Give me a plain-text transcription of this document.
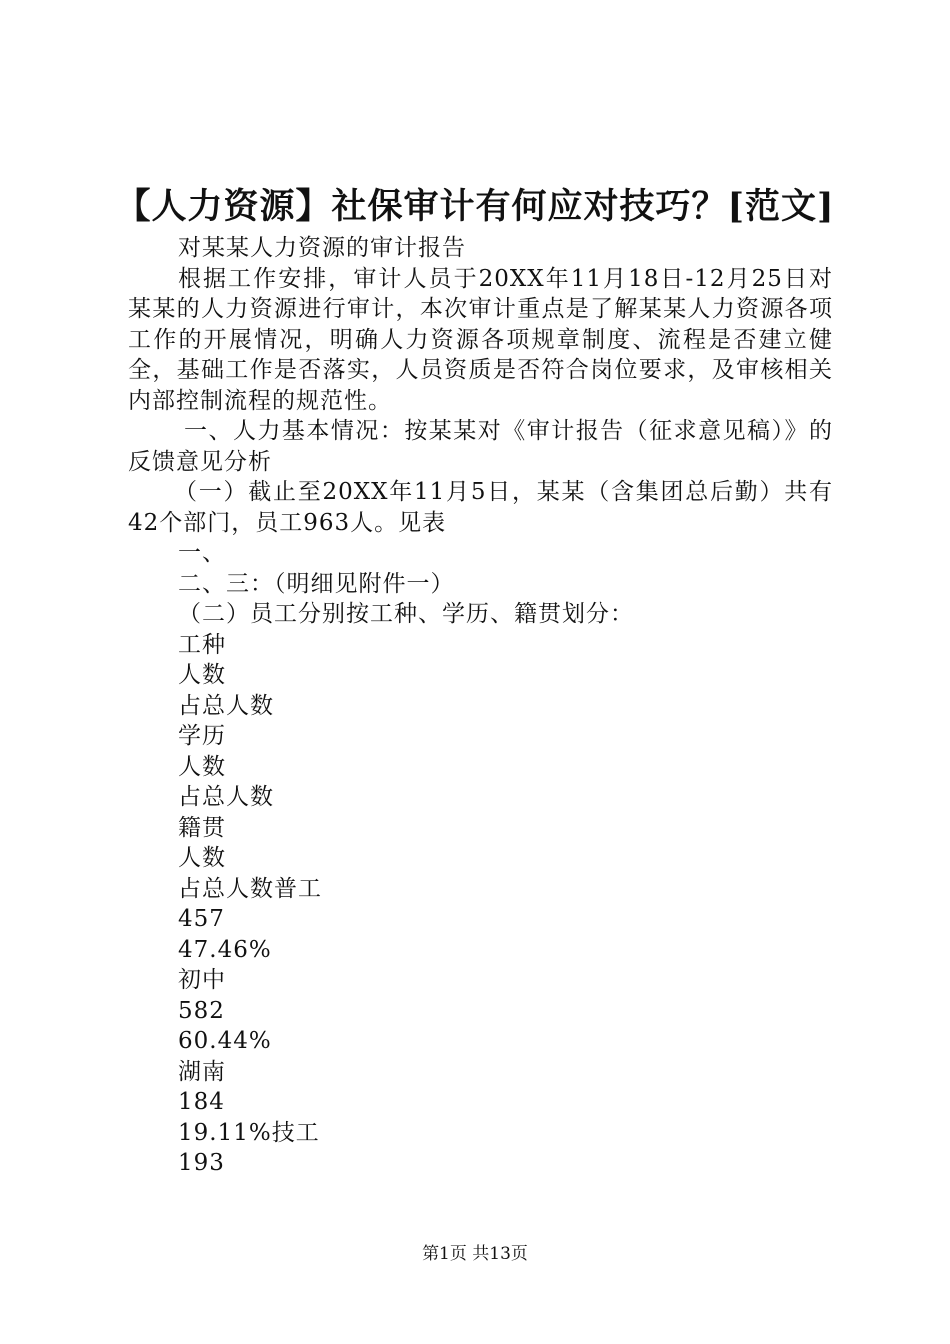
【人力资源】社保审计有何应对技巧？[范文]

对某某人力资源的审计报告

根据工作安排，审计人员于20XX年11月18日-12月25日对某某的人力资源进行审计，本次审计重点是了解某某人力资源各项工作的开展情况，明确人力资源各项规章制度、流程是否建立健全，基础工作是否落实，人员资质是否符合岗位要求，及审核相关内部控制流程的规范性。

一、人力基本情况：按某某对《审计报告（征求意见稿）》的反馈意见分析

（一）截止至20XX年11月5日，某某（含集团总后勤）共有42个部门，员工963人。见表

一、
二、三：（明细见附件一）
（二）员工分别按工种、学历、籍贯划分：
工种
人数
占总人数
学历
人数
占总人数
籍贯
人数
占总人数普工
457
47.46%
初中
582
60.44%
湖南
184
19.11%技工
193
第1页 共13页
